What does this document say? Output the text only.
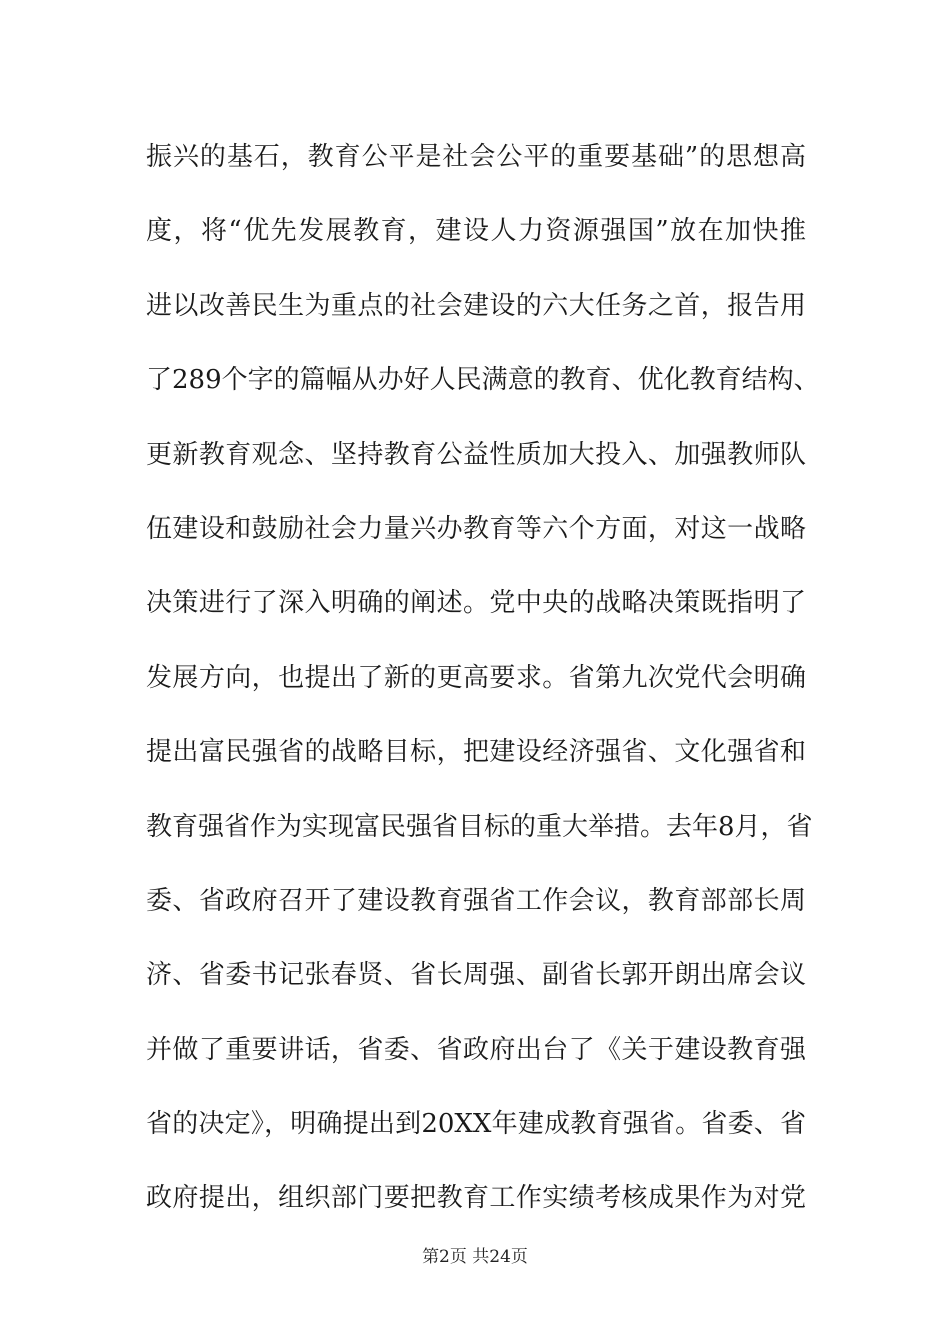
振兴的基石，教育公平是社会公平的重要基础”的思想高
度，将“优先发展教育，建设人力资源强国”放在加快推
进以改善民生为重点的社会建设的六大任务之首，报告用
了289个字的篇幅从办好人民满意的教育、优化教育结构、
更新教育观念、坚持教育公益性质加大投入、加强教师队
伍建设和鼓励社会力量兴办教育等六个方面，对这一战略
决策进行了深入明确的阐述。党中央的战略决策既指明了
发展方向，也提出了新的更高要求。省第九次党代会明确
提出富民强省的战略目标，把建设经济强省、文化强省和
教育强省作为实现富民强省目标的重大举措。去年8月，省
委、省政府召开了建设教育强省工作会议，教育部部长周
济、省委书记张春贤、省长周强、副省长郭开朗出席会议
并做了重要讲话，省委、省政府出台了《关于建设教育强
省的决定》，明确提出到20XX年建成教育强省。省委、省
政府提出，组织部门要把教育工作实绩考核成果作为对党
第2页 共24页
